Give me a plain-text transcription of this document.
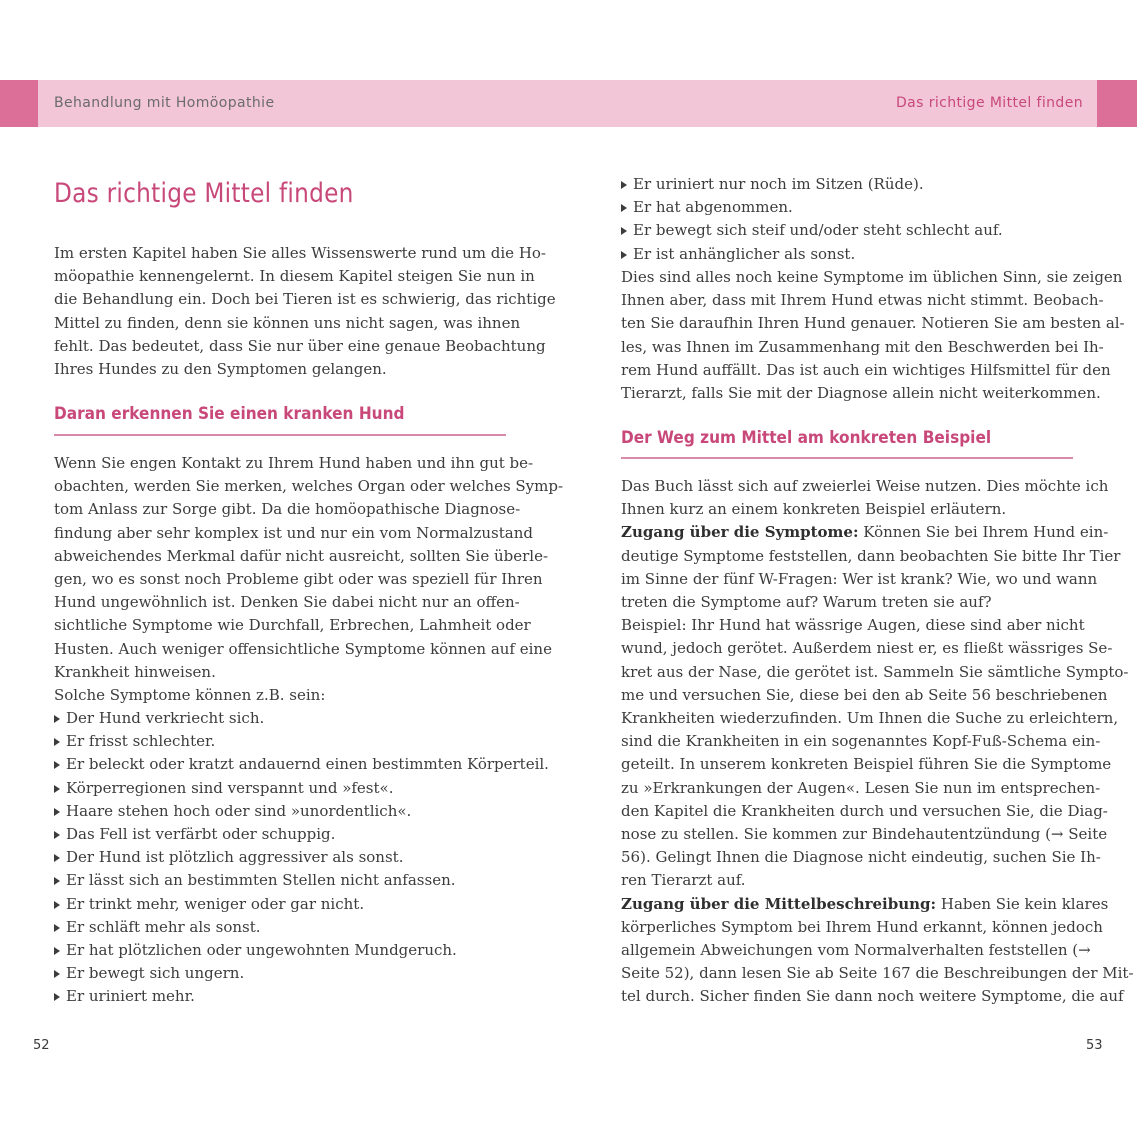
Behandlung mit Homöopathie	Das richtige Mittel finden
Das richtige Mittel finden
Im ersten Kapitel haben Sie alles Wissenswerte rund um die Ho-
möopathie kennengelernt. In diesem Kapitel steigen Sie nun in
die Behandlung ein. Doch bei Tieren ist es schwierig, das richtige
Mittel zu finden, denn sie können uns nicht sagen, was ihnen
fehlt. Das bedeutet, dass Sie nur über eine genaue Beobachtung
Ihres Hundes zu den Symptomen gelangen.
Daran erkennen Sie einen kranken Hund
Wenn Sie engen Kontakt zu Ihrem Hund haben und ihn gut be-
obachten, werden Sie merken, welches Organ oder welches Symp-
tom Anlass zur Sorge gibt. Da die homöopathische Diagnose-
findung aber sehr komplex ist und nur ein vom Normalzustand
abweichendes Merkmal dafür nicht ausreicht, sollten Sie überle-
gen, wo es sonst noch Probleme gibt oder was speziell für Ihren
Hund ungewöhnlich ist. Denken Sie dabei nicht nur an offen-
sichtliche Symptome wie Durchfall, Erbrechen, Lahmheit oder
Husten. Auch weniger offensichtliche Symptome können auf eine
Krankheit hinweisen.
Solche Symptome können z.B. sein:
Der Hund verkriecht sich.
Er frisst schlechter.
Er beleckt oder kratzt andauernd einen bestimmten Körperteil.
Körperregionen sind verspannt und »fest«.
Haare stehen hoch oder sind »unordentlich«.
Das Fell ist verfärbt oder schuppig.
Der Hund ist plötzlich aggressiver als sonst.
Er lässt sich an bestimmten Stellen nicht anfassen.
Er trinkt mehr, weniger oder gar nicht.
Er schläft mehr als sonst.
Er hat plötzlichen oder ungewohnten Mundgeruch.
Er bewegt sich ungern.
Er uriniert mehr.
52
Er uriniert nur noch im Sitzen (Rüde).
Er hat abgenommen.
Er bewegt sich steif und/oder steht schlecht auf.
Er ist anhänglicher als sonst.
Dies sind alles noch keine Symptome im üblichen Sinn, sie zeigen
Ihnen aber, dass mit Ihrem Hund etwas nicht stimmt. Beobach-
ten Sie daraufhin Ihren Hund genauer. Notieren Sie am besten al-
les, was Ihnen im Zusammenhang mit den Beschwerden bei Ih-
rem Hund auffällt. Das ist auch ein wichtiges Hilfsmittel für den
Tierarzt, falls Sie mit der Diagnose allein nicht weiterkommen.
Der Weg zum Mittel am konkreten Beispiel
Das Buch lässt sich auf zweierlei Weise nutzen. Dies möchte ich
Ihnen kurz an einem konkreten Beispiel erläutern.
Zugang über die Symptome: Können Sie bei Ihrem Hund ein-
deutige Symptome feststellen, dann beobachten Sie bitte Ihr Tier
im Sinne der fünf W-Fragen: Wer ist krank? Wie, wo und wann
treten die Symptome auf? Warum treten sie auf?
Beispiel: Ihr Hund hat wässrige Augen, diese sind aber nicht
wund, jedoch gerötet. Außerdem niest er, es fließt wässriges Se-
kret aus der Nase, die gerötet ist. Sammeln Sie sämtliche Sympto-
me und versuchen Sie, diese bei den ab Seite 56 beschriebenen
Krankheiten wiederzufinden. Um Ihnen die Suche zu erleichtern,
sind die Krankheiten in ein sogenanntes Kopf-Fuß-Schema ein-
geteilt. In unserem konkreten Beispiel führen Sie die Symptome
zu »Erkrankungen der Augen«. Lesen Sie nun im entsprechen-
den Kapitel die Krankheiten durch und versuchen Sie, die Diag-
nose zu stellen. Sie kommen zur Bindehautentzündung (→ Seite
56). Gelingt Ihnen die Diagnose nicht eindeutig, suchen Sie Ih-
ren Tierarzt auf.
Zugang über die Mittelbeschreibung: Haben Sie kein klares
körperliches Symptom bei Ihrem Hund erkannt, können jedoch
allgemein Abweichungen vom Normalverhalten feststellen (→
Seite 52), dann lesen Sie ab Seite 167 die Beschreibungen der Mit-
tel durch. Sicher finden Sie dann noch weitere Symptome, die auf
53
